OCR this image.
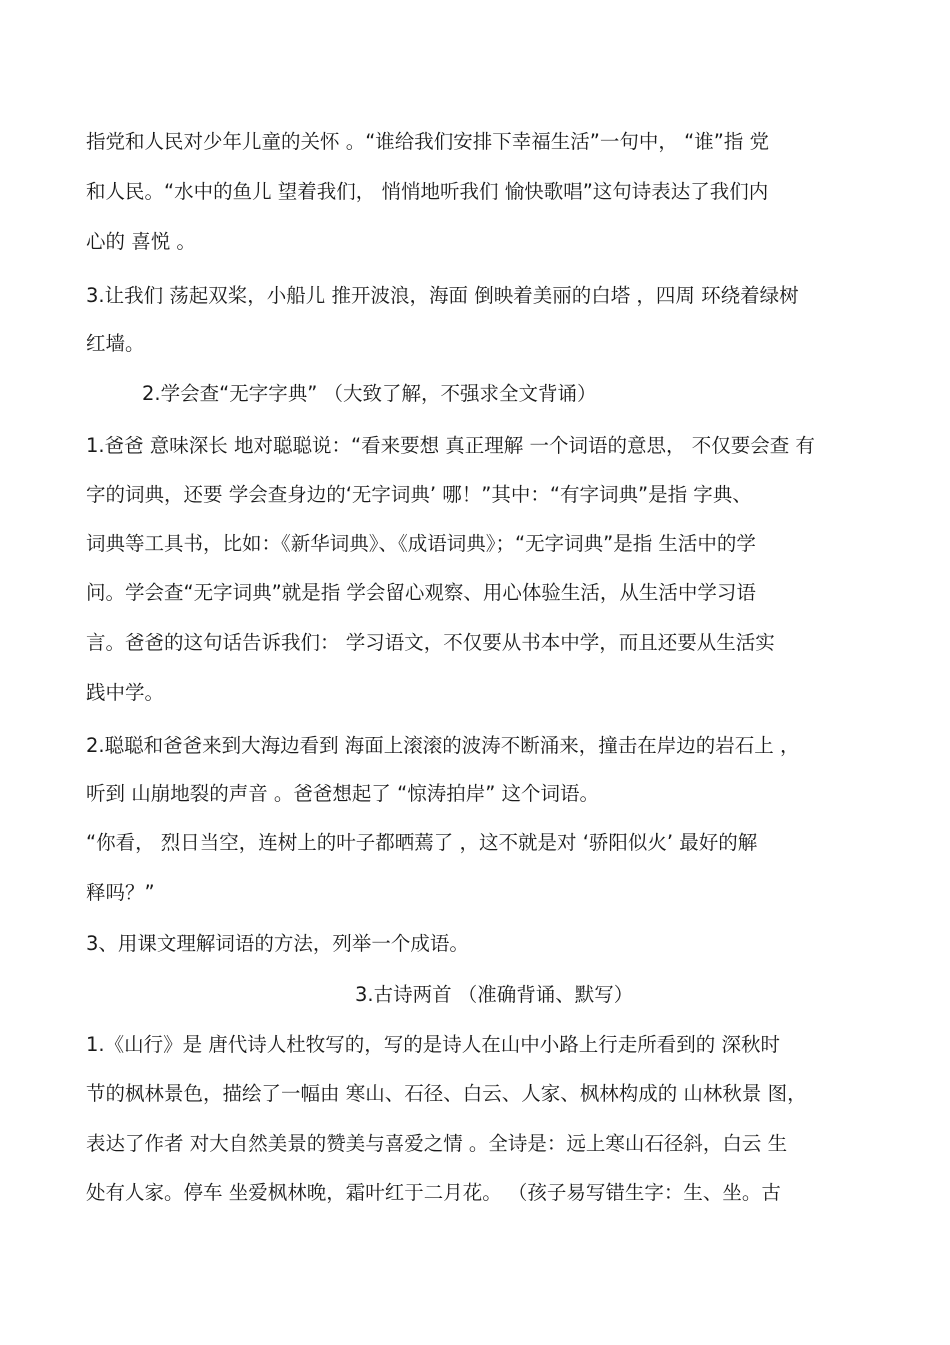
指党和人民对少年儿童的关怀 。“谁给我们安排下幸福生活”一句中， “谁”指 党
和人民。“水中的鱼儿 望着我们， 悄悄地听我们 愉快歌唱”这句诗表达了我们内
心的 喜悦 。
3.让我们 荡起双桨，小船儿 推开波浪，海面 倒映着美丽的白塔 ，四周 环绕着绿树
红墙。
2.学会查“无字字典” （大致了解，不强求全文背诵）
1.爸爸 意味深长 地对聪聪说：“看来要想 真正理解 一个词语的意思， 不仅要会查 有
字的词典，还要 学会查身边的‘无字词典’ 哪！”其中：“有字词典”是指 字典、
词典等工具书，比如：《新华词典》、《成语词典》；“无字词典”是指 生活中的学
问。学会查“无字词典”就是指 学会留心观察、用心体验生活，从生活中学习语
言。爸爸的这句话告诉我们： 学习语文，不仅要从书本中学，而且还要从生活实
践中学。
2.聪聪和爸爸来到大海边看到 海面上滚滚的波涛不断涌来，撞击在岸边的岩石上 ，
听到 山崩地裂的声音 。爸爸想起了 “惊涛拍岸” 这个词语。
“你看， 烈日当空，连树上的叶子都晒蔫了 ，这不就是对 ‘骄阳似火’ 最好的解
释吗？”
3、用课文理解词语的方法，列举一个成语。
3.古诗两首 （准确背诵、默写）
1.《山行》是 唐代诗人杜牧写的，写的是诗人在山中小路上行走所看到的 深秋时
节的枫林景色，描绘了一幅由 寒山、石径、白云、人家、枫林构成的 山林秋景 图，
表达了作者 对大自然美景的赞美与喜爱之情 。全诗是：远上寒山石径斜，白云 生
处有人家。停车 坐爱枫林晚，霜叶红于二月花。 （孩子易写错生字：生、坐。古
